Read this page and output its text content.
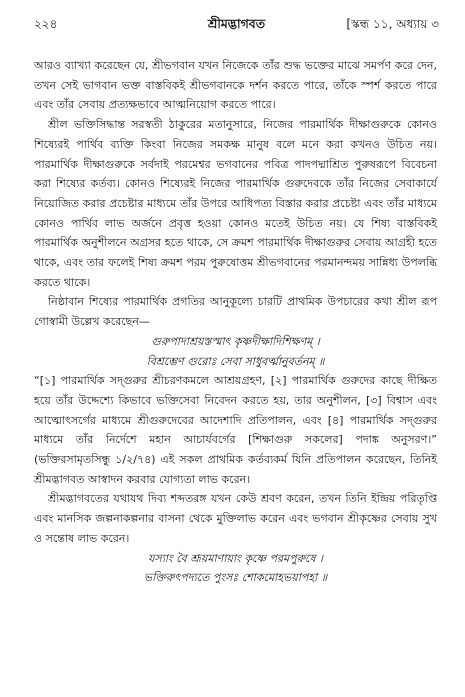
২২৪	শ্রীমদ্ভাগবত	[স্কন্ধ ১১, অধ্যায় ৩

আরও ব্যাখ্যা করেছেন যে, শ্রীভগবান যখন নিজেকে তাঁর শুদ্ধ ভক্তের মাঝে সমর্পণ করে দেন, তখন সেই ভাগবান ভক্ত বাস্তবিকই শ্রীভগবানকে দর্শন করতে পারে, তাঁকে স্পর্শ করতে পারে এবং তাঁর সেবায় প্রত্যক্ষভাবে আত্মনিয়োগ করতে পারে।

শ্রীল ভক্তিসিদ্ধান্ত সরস্বতী ঠাকুরের মতানুসারে, নিজের পারমার্থিক দীক্ষাগুরুকে কোনও শিষ্যেরই পার্থিব ব্যক্তি কিংবা নিজের সমকক্ষ মানুষ বলে মনে করা কখনও উচিত নয়। পারমার্থিক দীক্ষাগুরুকে সর্বদাই পরমেশ্বর ভগবানের পবিত্র পাদপদ্মাশ্রিত পুরুষরূপে বিবেচনা করা শিষ্যের কর্তব্য। কোনও শিষ্যেরই নিজের পারমার্থিক গুরুদেবকে তাঁর নিজের সেবাকার্যে নিয়োজিত করার প্রচেষ্টার মাধ্যমে তাঁর উপরে আধিপত্য বিস্তার করার প্রচেষ্টা এবং তাঁর মাধ্যমে কোনও পার্থিব লাভ অর্জনে প্রবৃত্ত হওয়া কোনও মতেই উচিত নয়। যে শিষ্য বাস্তবিকই পারমার্থিক অনুশীলনে অগ্রসর হতে থাকে, সে ক্রমশ পারমার্থিক দীক্ষাগুরুর সেবায় আগ্রহী হতে থাকে, এবং তার ফলেই শিষ্য ক্রমশ পরম পুরুষোত্তম শ্রীভগবানের পরমানন্দময় সান্নিধ্য উপলব্ধি করতে থাকে।

নিষ্ঠাবান শিষ্যের পারমার্থিক প্রগতির আনুকূল্যে চারটি প্রাথমিক উপচারের কথা শ্রীল রূপ গোস্বামী উল্লেখ করেছেন—

গুরুপাদাশ্রয়স্তস্মাৎ কৃষ্ণদীক্ষাদিশিক্ষণম্ ।

বিশ্রম্ভেণ গুরোঃ সেবা সাধুবর্ত্মানুবর্তনম্ ॥

“[১] পারমার্থিক সদ্গুরুর শ্রীচরণকমলে আশ্রয়গ্রহণ, [২] পারমার্থিক গুরুদের কাছে দীক্ষিত হয়ে তাঁর উদ্দেশ্যে কিভাবে ভক্তিসেবা নিবেদন করতে হয়, তার অনুশীলন, [৩] বিশ্বাস এবং আত্মোৎসর্গের মাধ্যমে শ্রীগুরুদেবের আদেশাদি প্রতিপালন, এবং [৪] পারমার্থিক সদ্গুরুর মাধ্যমে তাঁর নির্দেশে মহান আচার্যবর্গের [শিক্ষাগুরু সকলের] পদাঙ্ক অনুসরণ।” (ভক্তিরসামৃতসিন্ধু ১/২/৭৪) এই সকল প্রাথমিক কর্তব্যকর্ম যিনি প্রতিপালন করেছেন, তিনিই শ্রীমদ্ভাগবত আস্বাদন করবার যোগ্যতা লাভ করেন।

শ্রীমদ্ভাগবতের যথাযথ দিব্য শব্দতরঙ্গ যখন কেউ শ্রবণ করেন, তখন তিনি ইন্দ্রিয় পরিতৃপ্তি এবং মানসিক জল্পনাকল্পনার বাসনা থেকে মুক্তিলাভ করেন এবং ভগবান শ্রীকৃষ্ণের সেবায় সুখ ও সন্তোষ লাভ করেন।

যস্যাং বৈ শ্রূয়মাণায়াং কৃষ্ণে পরমপুরুষে ।

ভক্তিরুৎপদ্যতে পুংসঃ শোকমোহভয়াপহা ॥
